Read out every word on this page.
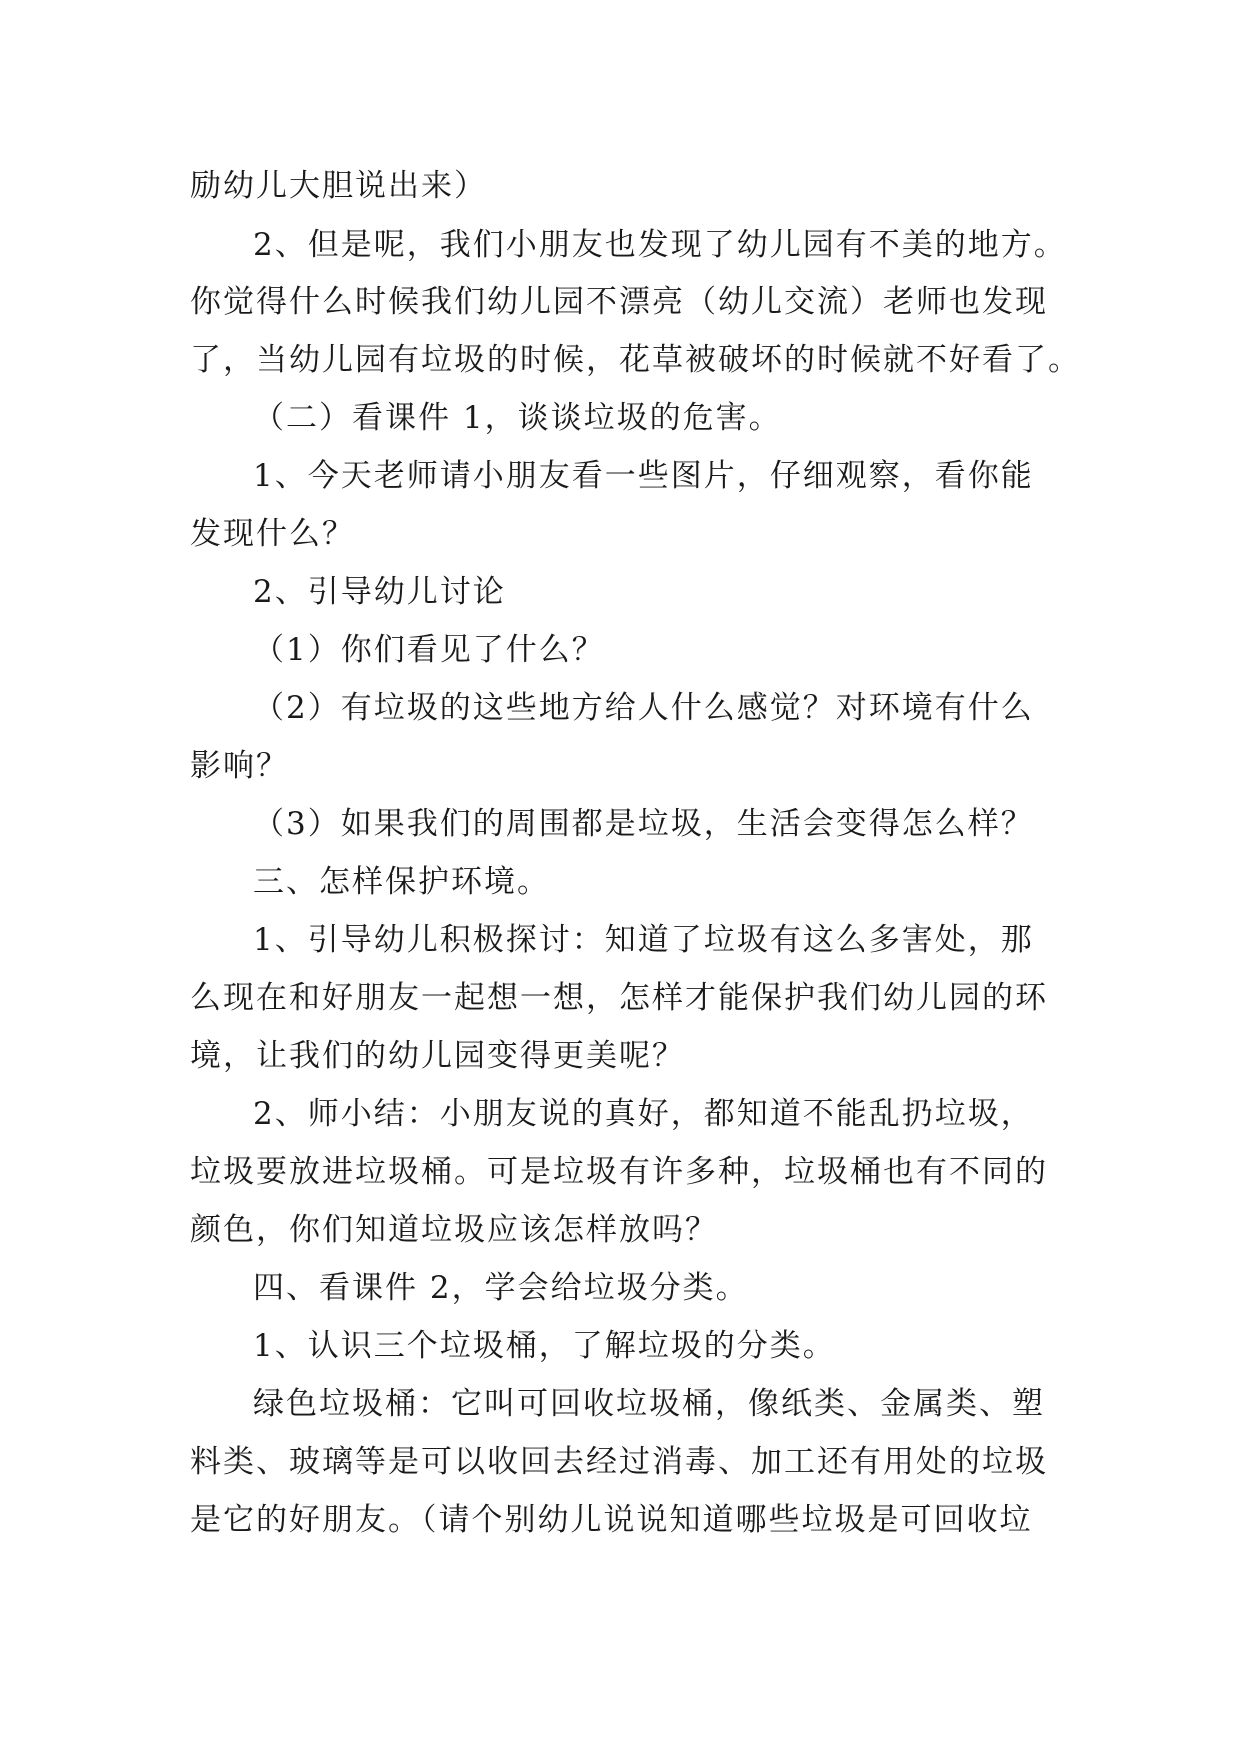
励幼儿大胆说出来）
2、但是呢，我们小朋友也发现了幼儿园有不美的地方。
你觉得什么时候我们幼儿园不漂亮（幼儿交流）老师也发现
了，当幼儿园有垃圾的时候，花草被破坏的时候就不好看了。
（二）看课件 1，谈谈垃圾的危害。
1、今天老师请小朋友看一些图片，仔细观察，看你能
发现什么？
2、引导幼儿讨论
（1）你们看见了什么？
（2）有垃圾的这些地方给人什么感觉？对环境有什么
影响？
（3）如果我们的周围都是垃圾，生活会变得怎么样？
三、怎样保护环境。
1、引导幼儿积极探讨：知道了垃圾有这么多害处，那
么现在和好朋友一起想一想，怎样才能保护我们幼儿园的环
境，让我们的幼儿园变得更美呢？
2、师小结：小朋友说的真好，都知道不能乱扔垃圾，
垃圾要放进垃圾桶。可是垃圾有许多种，垃圾桶也有不同的
颜色，你们知道垃圾应该怎样放吗？
四、看课件 2，学会给垃圾分类。
1、认识三个垃圾桶，了解垃圾的分类。
绿色垃圾桶：它叫可回收垃圾桶，像纸类、金属类、塑
料类、玻璃等是可以收回去经过消毒、加工还有用处的垃圾
是它的好朋友。（请个别幼儿说说知道哪些垃圾是可回收垃
